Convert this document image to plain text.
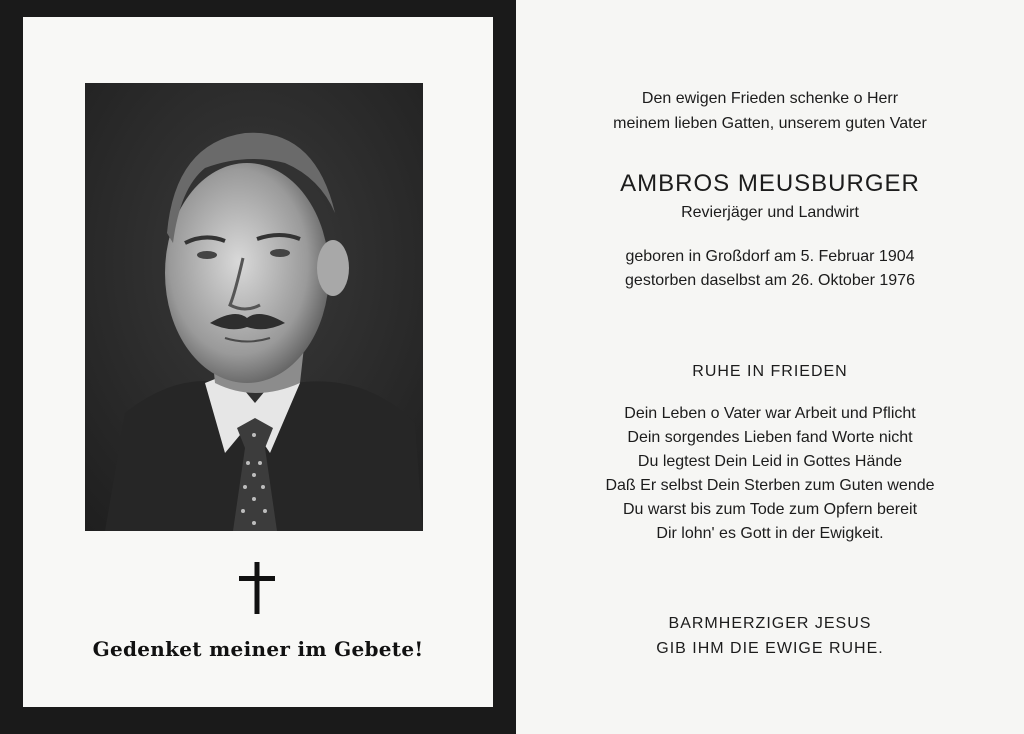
Gedenket meiner im Gebete!
Den ewigen Frieden schenke o Herr
meinem lieben Gatten, unserem guten Vater
AMBROS MEUSBURGER
Revierjäger und Landwirt
geboren in Großdorf am 5. Februar 1904
gestorben daselbst am 26. Oktober 1976
RUHE IN FRIEDEN
Dein Leben o Vater war Arbeit und Pflicht
Dein sorgendes Lieben fand Worte nicht
Du legtest Dein Leid in Gottes Hände
Daß Er selbst Dein Sterben zum Guten wende
Du warst bis zum Tode zum Opfern bereit
Dir lohn' es Gott in der Ewigkeit.
BARMHERZIGER JESUS
GIB IHM DIE EWIGE RUHE.
